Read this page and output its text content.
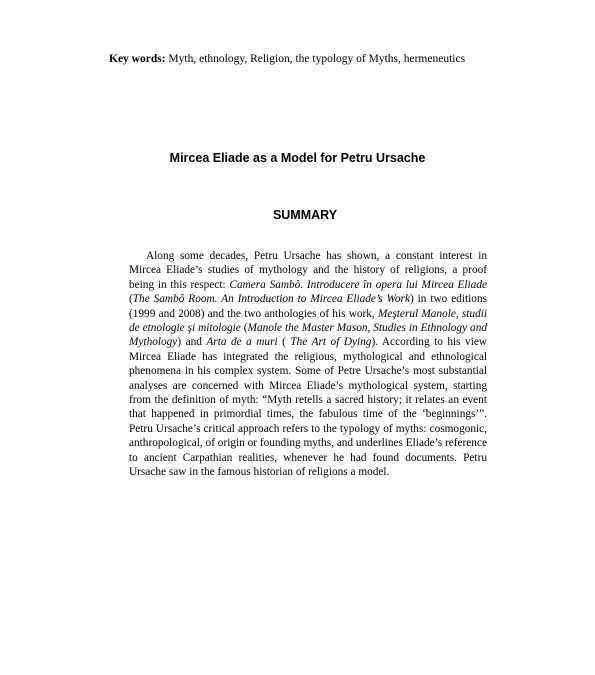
Key words: Myth, ethnology, Religion, the typology of Myths, hermeneutics
Mircea Eliade as a Model for Petru Ursache
SUMMARY

Along some decades, Petru Ursache has shown, a constant interest in Mircea Eliade’s studies of mythology and the history of religions, a proof being in this respect: Camera Sambô. Introducere în opera lui Mircea Eliade (The Sambô Room. An Introduction to Mircea Eliade’s Work) in two editions (1999 and 2008) and the two anthologies of his work, Meşterul Manole, studii de etnologie şi mitologie (Manole the Master Mason, Studies in Ethnology and Mythology) and Arta de a muri ( The Art of Dying). According to his view Mircea Eliade has integrated the religious, mythological and ethnological phenomena in his complex system. Some of Petre Ursache’s most substantial analyses are concerned with Mircea Eliade’s mythological system, starting from the definition of myth: “Myth retells a sacred history; it relates an event that happened in primordial times, the fabulous time of the ‘beginnings’”. Petru Ursache’s critical approach refers to the typology of myths: cosmogonic, anthropological, of origin or founding myths, and underlines Eliade’s reference to ancient Carpathian realities, whenever he had found documents. Petru Ursache saw in the famous historian of religions a model.
